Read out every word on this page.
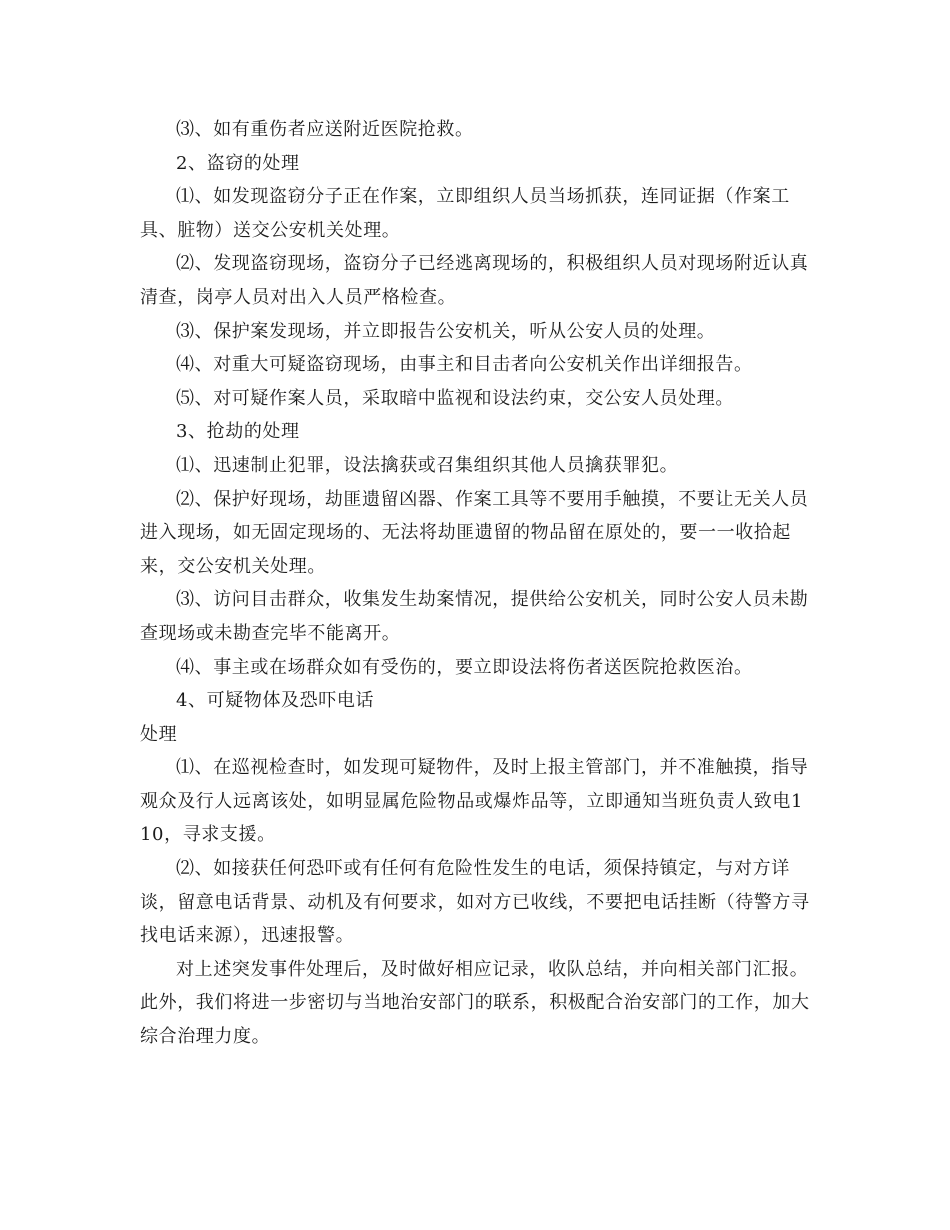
⑶、如有重伤者应送附近医院抢救。

2、盗窃的处理

⑴、如发现盗窃分子正在作案，立即组织人员当场抓获，连同证据（作案工具、脏物）送交公安机关处理。

⑵、发现盗窃现场，盗窃分子已经逃离现场的，积极组织人员对现场附近认真清查，岗亭人员对出入人员严格检查。

⑶、保护案发现场，并立即报告公安机关，听从公安人员的处理。

⑷、对重大可疑盗窃现场，由事主和目击者向公安机关作出详细报告。

⑸、对可疑作案人员，采取暗中监视和设法约束，交公安人员处理。

3、抢劫的处理

⑴、迅速制止犯罪，设法擒获或召集组织其他人员擒获罪犯。

⑵、保护好现场，劫匪遗留凶器、作案工具等不要用手触摸，不要让无关人员进入现场，如无固定现场的、无法将劫匪遗留的物品留在原处的，要一一收拾起来，交公安机关处理。

⑶、访问目击群众，收集发生劫案情况，提供给公安机关，同时公安人员未勘查现场或未勘查完毕不能离开。

⑷、事主或在场群众如有受伤的，要立即设法将伤者送医院抢救医治。

4、可疑物体及恐吓电话

处理

⑴、在巡视检查时，如发现可疑物件，及时上报主管部门，并不准触摸，指导观众及行人远离该处，如明显属危险物品或爆炸品等，立即通知当班负责人致电110，寻求支援。

⑵、如接获任何恐吓或有任何有危险性发生的电话，须保持镇定，与对方详谈，留意电话背景、动机及有何要求，如对方已收线，不要把电话挂断（待警方寻找电话来源），迅速报警。

对上述突发事件处理后，及时做好相应记录，收队总结，并向相关部门汇报。此外，我们将进一步密切与当地治安部门的联系，积极配合治安部门的工作，加大综合治理力度。
